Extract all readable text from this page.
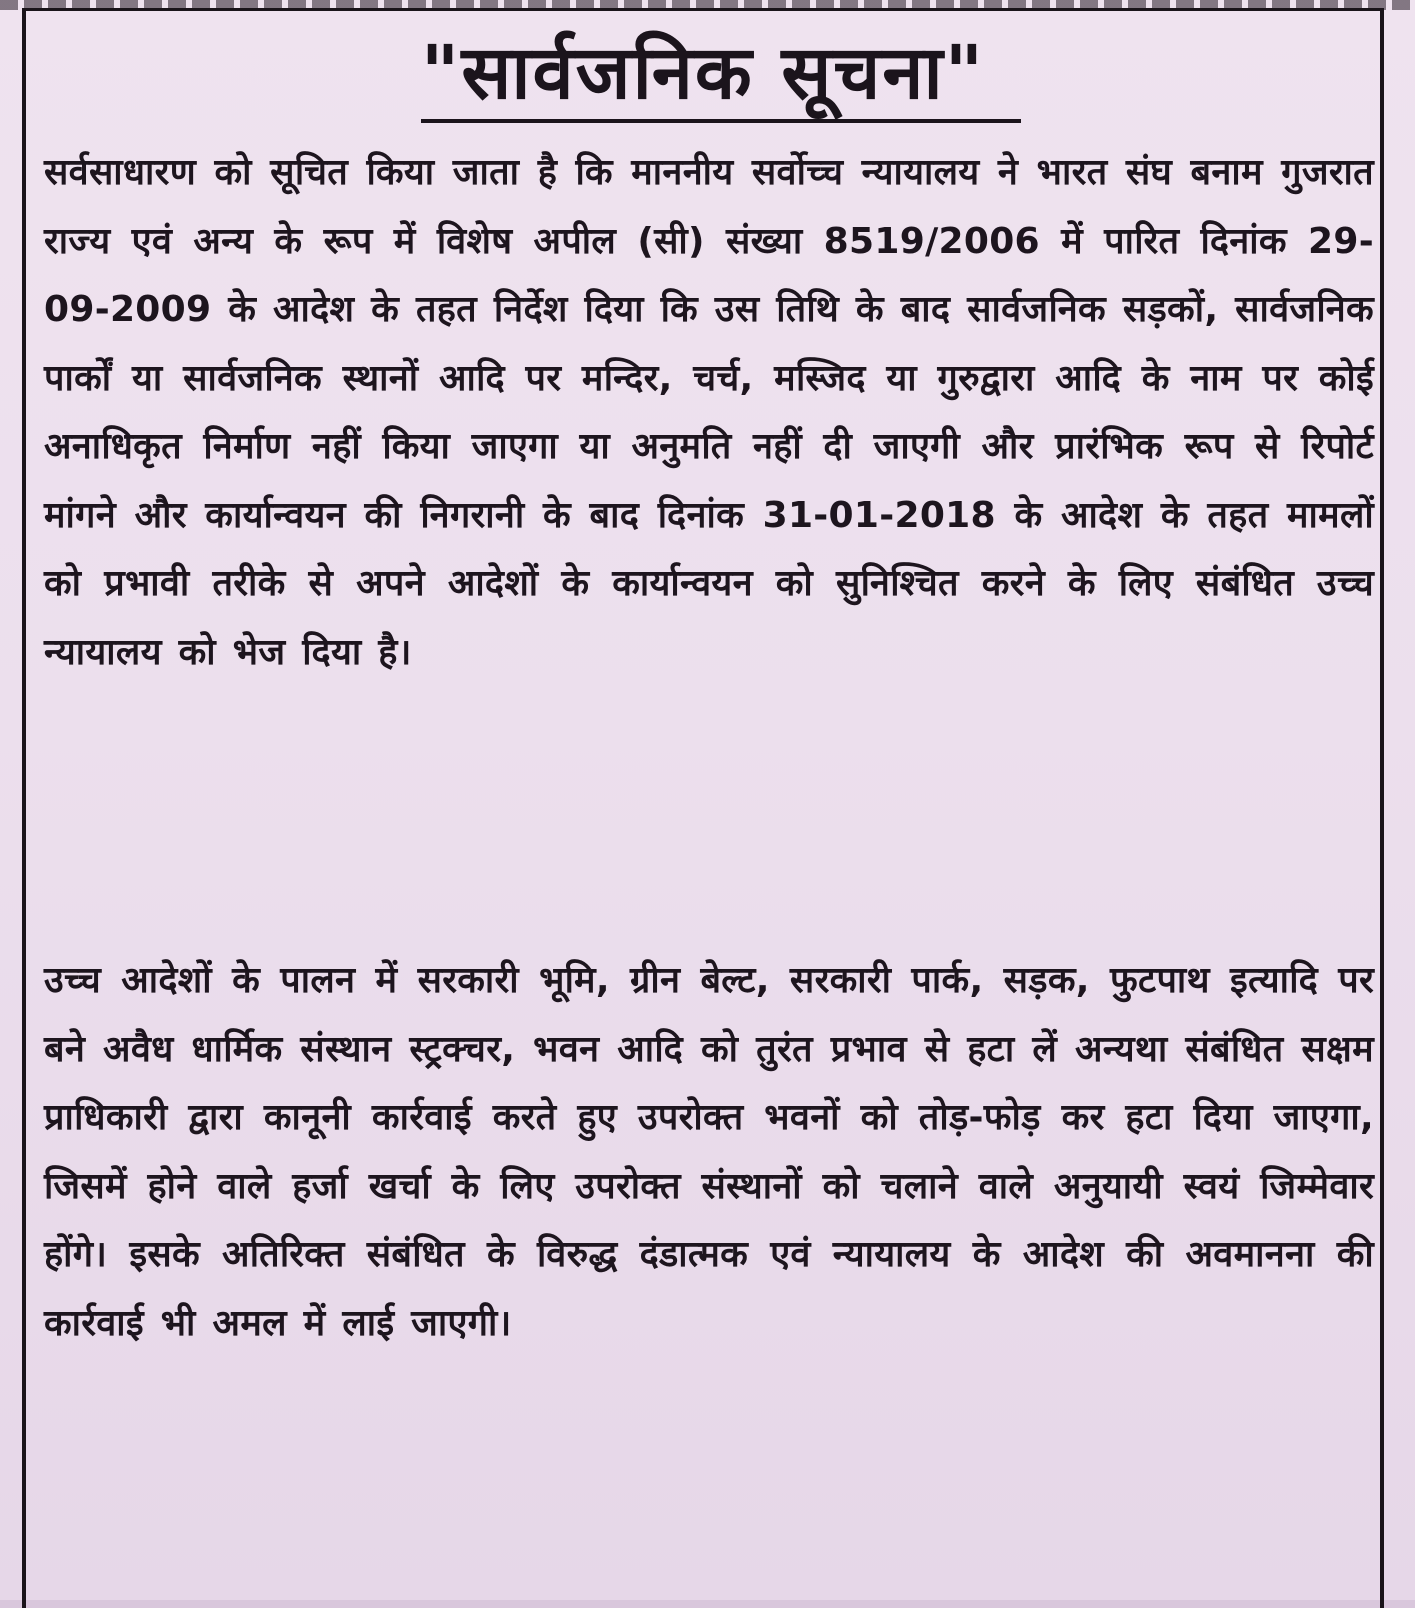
"सार्वजनिक सूचना"

सर्वसाधारण को सूचित किया जाता है कि माननीय सर्वोच्च न्यायालय ने भारत संघ बनाम गुजरात राज्य एवं अन्य के रूप में विशेष अपील (सी) संख्या 8519/2006 में पारित दिनांक 29-09-2009 के आदेश के तहत निर्देश दिया कि उस तिथि के बाद सार्वजनिक सड़कों, सार्वजनिक पार्कों या सार्वजनिक स्थानों आदि पर मन्दिर, चर्च, मस्जिद या गुरुद्वारा आदि के नाम पर कोई अनाधिकृत निर्माण नहीं किया जाएगा या अनुमति नहीं दी जाएगी और प्रारंभिक रूप से रिपोर्ट मांगने और कार्यान्वयन की निगरानी के बाद दिनांक 31-01-2018 के आदेश के तहत मामलों को प्रभावी तरीके से अपने आदेशों के कार्यान्वयन को सुनिश्चित करने के लिए संबंधित उच्च न्यायालय को भेज दिया है।

उच्च आदेशों के पालन में सरकारी भूमि, ग्रीन बेल्ट, सरकारी पार्क, सड़क, फुटपाथ इत्यादि पर बने अवैध धार्मिक संस्थान स्ट्रक्चर, भवन आदि को तुरंत प्रभाव से हटा लें अन्यथा संबंधित सक्षम प्राधिकारी द्वारा कानूनी कार्रवाई करते हुए उपरोक्त भवनों को तोड़-फोड़ कर हटा दिया जाएगा, जिसमें होने वाले हर्जा खर्चा के लिए उपरोक्त संस्थानों को चलाने वाले अनुयायी स्वयं जिम्मेवार होंगे। इसके अतिरिक्त संबंधित के विरुद्ध दंडात्मक एवं न्यायालय के आदेश की अवमानना की कार्रवाई भी अमल में लाई जाएगी।
